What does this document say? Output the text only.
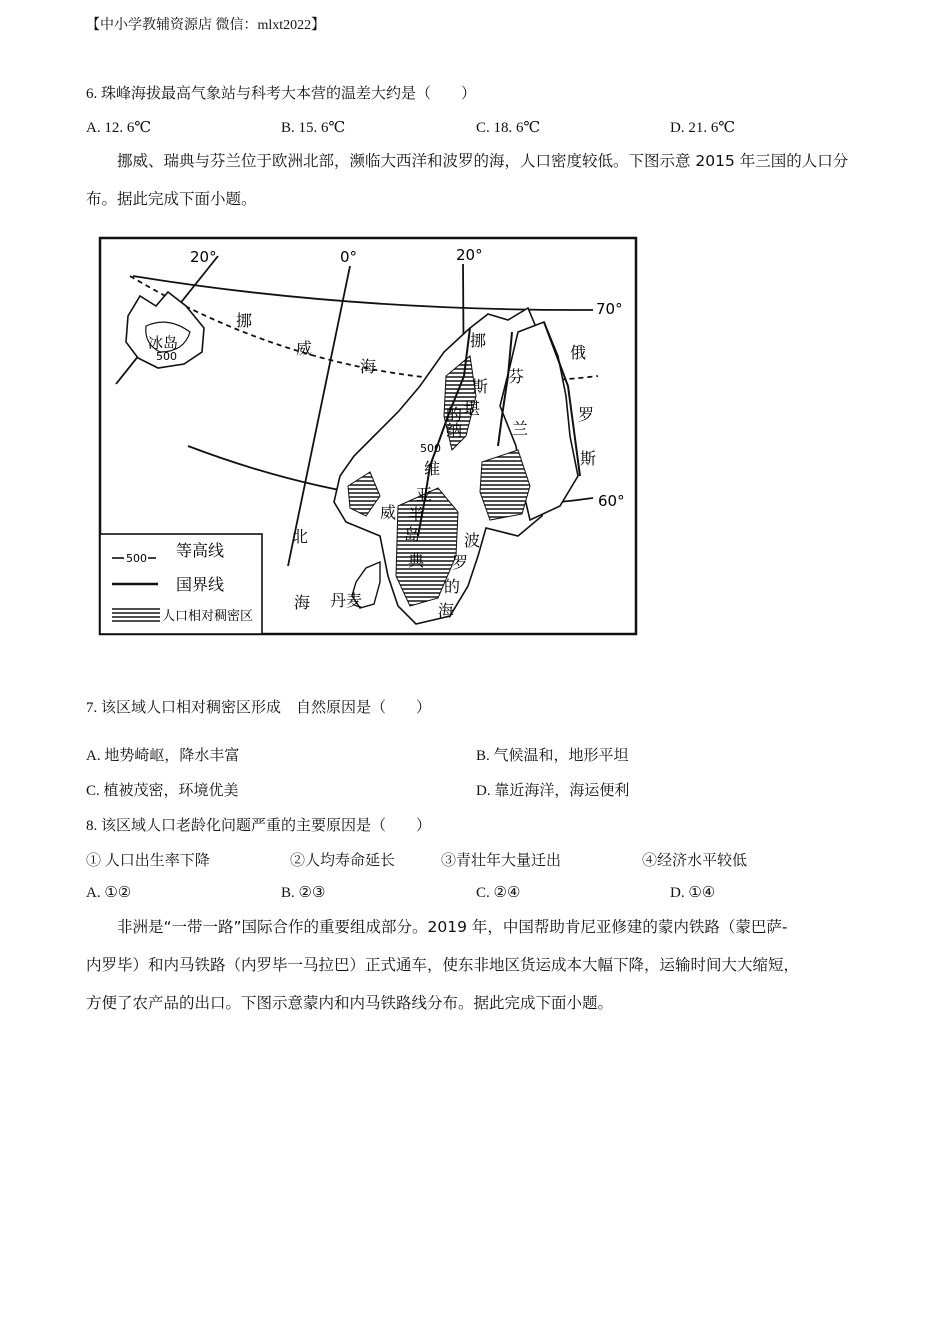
【中小学教辅资源店 微信：mlxt2022】
6. 珠峰海拔最高气象站与科考大本营的温差大约是（　　）
A. 12. 6℃	B. 15. 6℃	C. 18. 6℃	D. 21. 6℃
挪威、瑞典与芬兰位于欧洲北部，濒临大西洋和波罗的海，人口密度较低。下图示意 2015 年三国的人口分布。据此完成下面小题。
500 等高线
国界线
人口相对稠密区
20°	0°	20°
70°
60°
冰岛
500
挪
威
海
挪
斯
堪
的
纳
500
维
亚
半
岛
芬
兰
俄
罗
斯
北
海
威
典
丹麦
波
罗
的
海
7. 该区域人口相对稠密区形成　自然原因是（　　）
A. 地势崎岖，降水丰富	B. 气候温和，地形平坦
C. 植被茂密，环境优美	D. 靠近海洋，海运便利
8. 该区域人口老龄化问题严重的主要原因是（　　）
① 人口出生率下降	②人均寿命延长	③青壮年大量迁出	④经济水平较低
A. ①②	B. ②③	C. ②④	D. ①④
非洲是“一带一路”国际合作的重要组成部分。2019 年，中国帮助肯尼亚修建的蒙内铁路（蒙巴萨-
内罗毕）和内马铁路（内罗毕一马拉巴）正式通车，使东非地区货运成本大幅下降，运输时间大大缩短，
方便了农产品的出口。下图示意蒙内和内马铁路线分布。据此完成下面小题。
